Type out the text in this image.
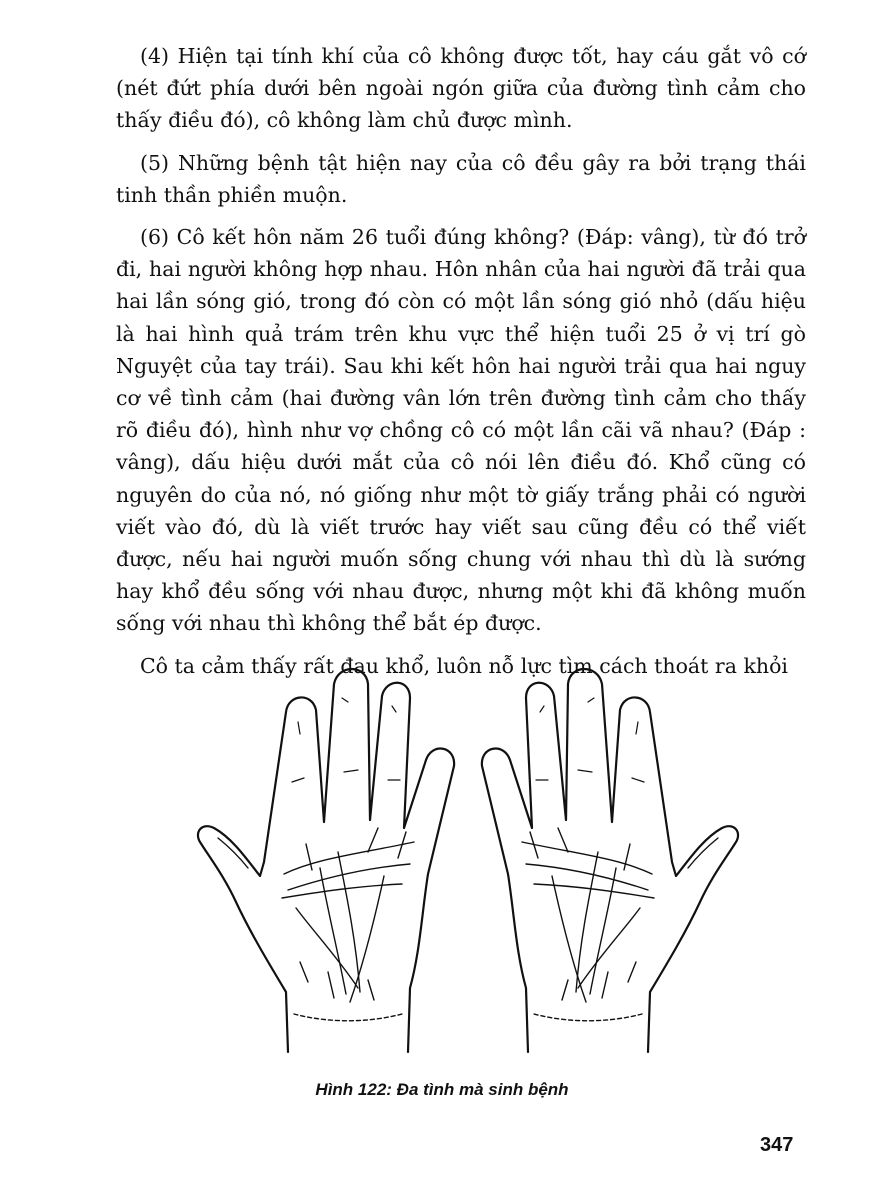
(4) Hiện tại tính khí của cô không được tốt, hay cáu gắt vô cớ (nét đứt phía dưới bên ngoài ngón giữa của đường tình cảm cho thấy điều đó), cô không làm chủ được mình.

(5) Những bệnh tật hiện nay của cô đều gây ra bởi trạng thái tinh thần phiền muộn.

(6) Cô kết hôn năm 26 tuổi đúng không? (Đáp: vâng), từ đó trở đi, hai người không hợp nhau. Hôn nhân của hai người đã trải qua hai lần sóng gió, trong đó còn có một lần sóng gió nhỏ (dấu hiệu là hai hình quả trám trên khu vực thể hiện tuổi 25 ở vị trí gò Nguyệt của tay trái). Sau khi kết hôn hai người trải qua hai nguy cơ về tình cảm (hai đường vân lớn trên đường tình cảm cho thấy rõ điều đó), hình như vợ chồng cô có một lần cãi vã nhau? (Đáp : vâng), dấu hiệu dưới mắt của cô nói lên điều đó. Khổ cũng có nguyên do của nó, nó giống như một tờ giấy trắng phải có người viết vào đó, dù là viết trước hay viết sau cũng đều có thể viết được, nếu hai người muốn sống chung với nhau thì dù là sướng hay khổ đều sống với nhau được, nhưng một khi đã không muốn sống với nhau thì không thể bắt ép được.

Cô ta cảm thấy rất đau khổ, luôn nỗ lực tìm cách thoát ra khỏi

Hình 122: Đa tình mà sinh bệnh
347
